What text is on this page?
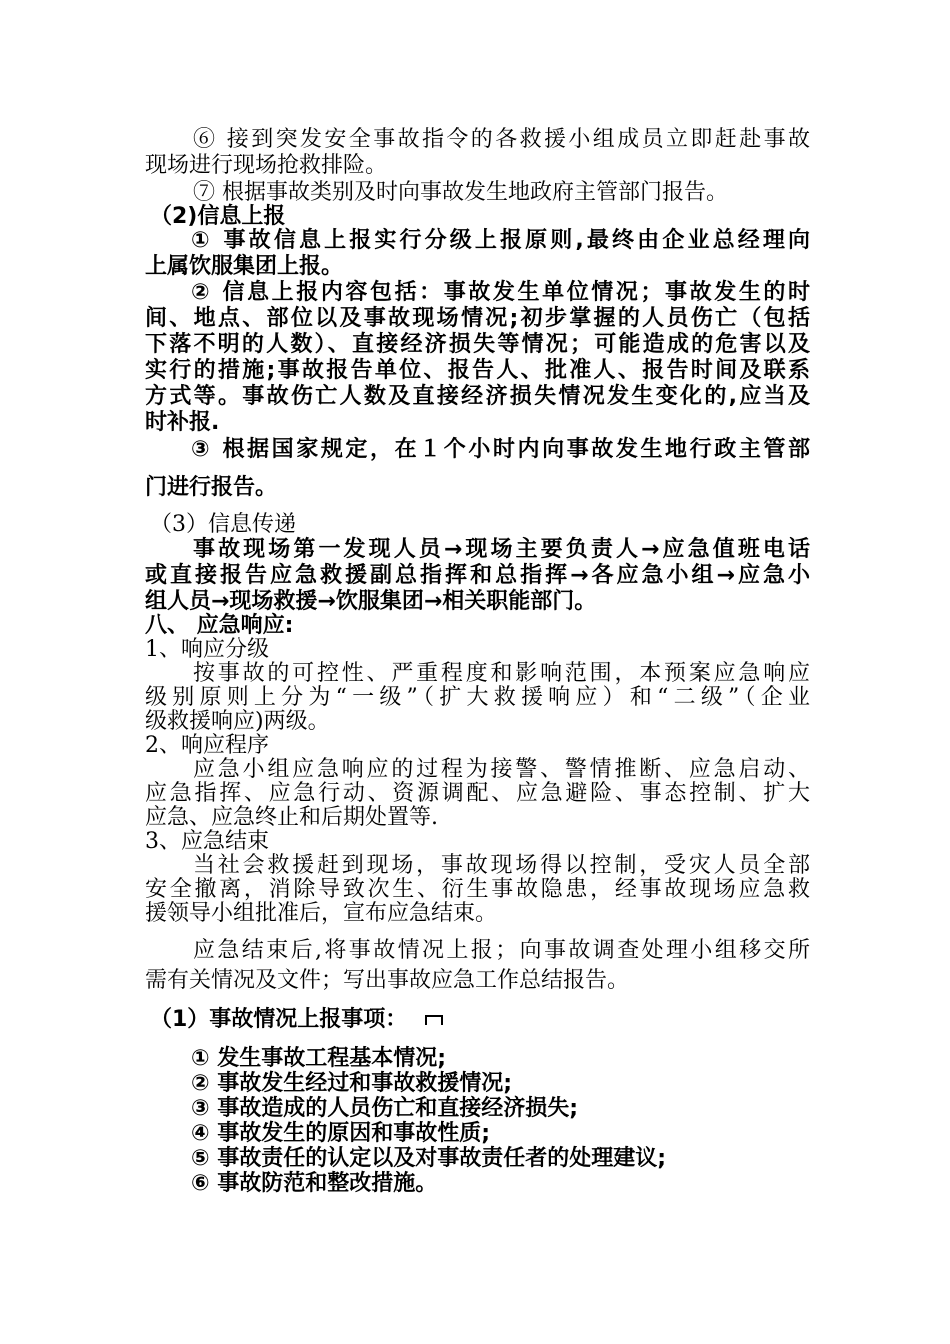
⑥ 接到突发安全事故指令的各救援小组成员立即赶赴事故
现场进行现场抢救排险。
⑦ 根据事故类别及时向事故发生地政府主管部门报告。
（2)信息上报
① 事故信息上报实行分级上报原则,最终由企业总经理向
上属饮服集团上报。
② 信息上报内容包括：事故发生单位情况；事故发生的时
间、地点、部位以及事故现场情况;初步掌握的人员伤亡（包括
下落不明的人数）、直接经济损失等情况；可能造成的危害以及
实行的措施;事故报告单位、报告人、批准人、报告时间及联系
方式等。事故伤亡人数及直接经济损失情况发生变化的,应当及
时补报.
③ 根据国家规定，在１个小时内向事故发生地行政主管部
门进行报告。
（3）信息传递
事故现场第一发现人员→现场主要负责人→应急值班电话
或直接报告应急救援副总指挥和总指挥→各应急小组→应急小
组人员→现场救援→饮服集团→相关职能部门。
八、 应急响应:
1、响应分级
按事故的可控性、严重程度和影响范围，本预案应急响应
级别原则上分为“一级”（扩大救援响应）和“二级”（企业
级救援响应)两级。
2、响应程序
应急小组应急响应的过程为接警、警情推断、应急启动、
应急指挥、应急行动、资源调配、应急避险、事态控制、扩大
应急、应急终止和后期处置等.
3、应急结束
当社会救援赶到现场，事故现场得以控制，受灾人员全部
安全撤离，消除导致次生、衍生事故隐患，经事故现场应急救
援领导小组批准后，宣布应急结束。
应急结束后,将事故情况上报；向事故调查处理小组移交所
需有关情况及文件；写出事故应急工作总结报告。
（1）事故情况上报事项：
① 发生事故工程基本情况;
② 事故发生经过和事故救援情况;
③ 事故造成的人员伤亡和直接经济损失;
④ 事故发生的原因和事故性质;
⑤ 事故责任的认定以及对事故责任者的处理建议;
⑥ 事故防范和整改措施。
